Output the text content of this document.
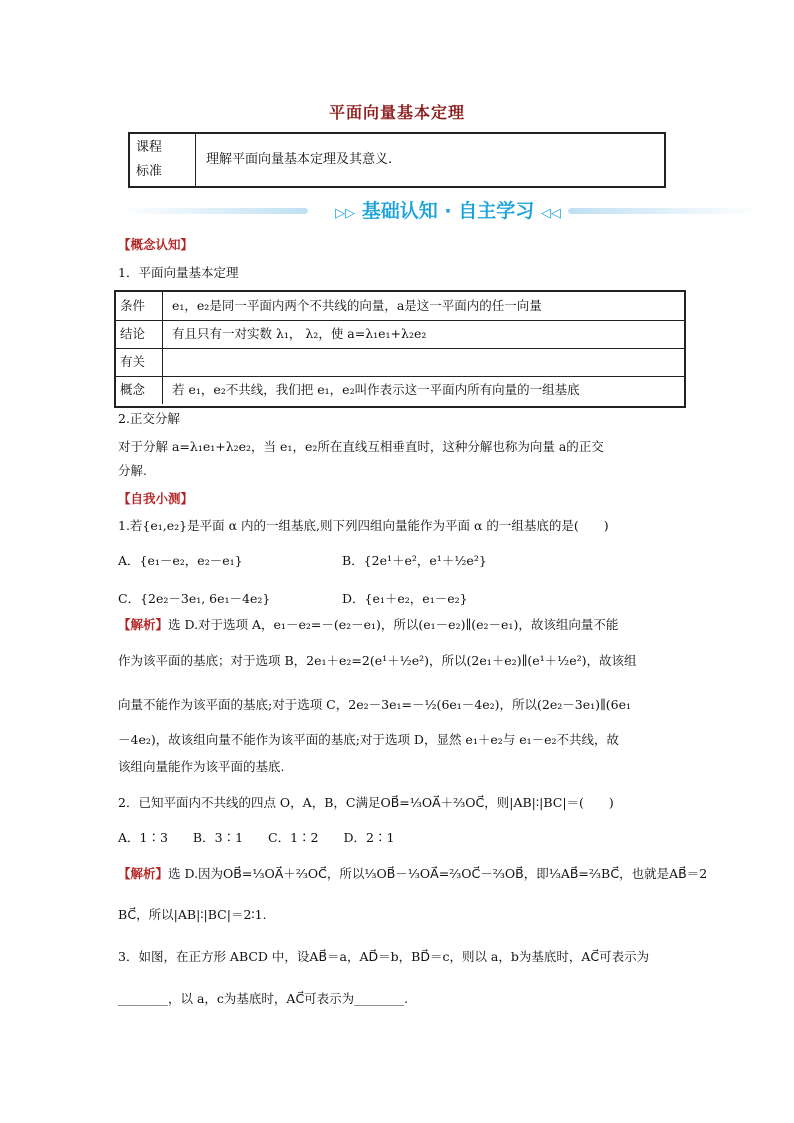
平面向量基本定理
课程
标准
理解平面向量基本定理及其意义.
▷▷ 基础认知 · 自主学习 ◁◁
【概念认知】
1．平面向量基本定理
条件 e₁，e₂是同一平面内两个不共线的向量，a是这一平面内的任一向量
结论 有且只有一对实数 λ₁， λ₂，使 a=λ₁e₁+λ₂e₂
有关
概念 若 e₁，e₂不共线，我们把 e₁，e₂叫作表示这一平面内所有向量的一组基底
2.正交分解
对于分解 a=λ₁e₁+λ₂e₂，当 e₁，e₂所在直线互相垂直时，这种分解也称为向量 a的正交
分解.
【自我小测】
1.若{e₁,e₂}是平面 α 内的一组基底,则下列四组向量能作为平面 α 的一组基底的是(　　)
A．{e₁－e₂，e₂－e₁}	B．{2e¹＋e²，e¹＋½e²}
C．{2e₂－3e₁, 6e₁－4e₂}	D．{e₁＋e₂，e₁－e₂}
【解析】选 D.对于选项 A，e₁－e₂=－(e₂－e₁)，所以(e₁－e₂)∥(e₂－e₁)，故该组向量不能
作为该平面的基底；对于选项 B，2e₁＋e₂=2(e¹＋½e²)，所以(2e₁＋e₂)∥(e¹＋½e²)，故该组
向量不能作为该平面的基底;对于选项 C，2e₂－3e₁=－½(6e₁－4e₂)，所以(2e₂－3e₁)∥(6e₁
－4e₂)，故该组向量不能作为该平面的基底;对于选项 D，显然 e₁＋e₂与 e₁－e₂不共线，故
该组向量能作为该平面的基底.
2．已知平面内不共线的四点 O，A，B，C满足OB⃗=⅓OA⃗＋⅔OC⃗，则|AB|∶|BC|＝(　　)
A．1∶3　　B．3∶1　　C．1∶2　　D．2∶1
【解析】选 D.因为OB⃗=⅓OA⃗＋⅔OC⃗，所以⅓OB⃗－⅓OA⃗=⅔OC⃗－⅔OB⃗，即⅓AB⃗=⅔BC⃗，也就是AB⃗＝2
BC⃗，所以|AB|∶|BC|＝2∶1.
3．如图，在正方形 ABCD 中，设AB⃗＝a，AD⃗＝b，BD⃗＝c，则以 a，b为基底时，AC⃗可表示为
________，以 a，c为基底时，AC⃗可表示为________.
